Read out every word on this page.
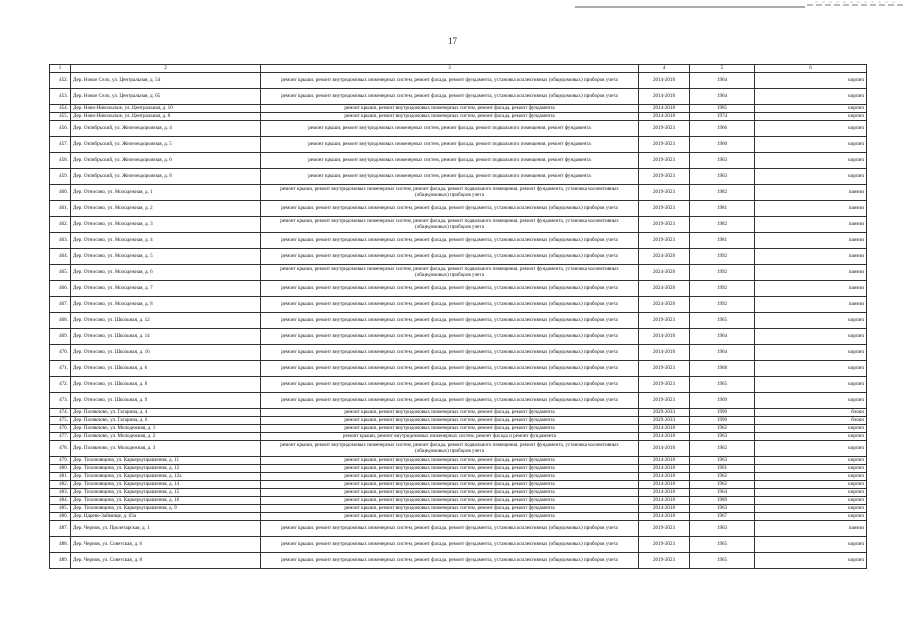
17
1	2	3	4	5	6
452.	Дер. Новое Село, ул. Центральная, д. 54	ремонт крыши, ремонт внутридомовых инженерных систем, ремонт фасада, ремонт фундамента, установка коллективных (общедомовых) приборов учета	2014-2018	1964	кирпич
453.	Дер. Новое Село, ул. Центральная, д. 65	ремонт крыши, ремонт внутридомовых инженерных систем, ремонт фасада, ремонт фундамента, установка коллективных (общедомовых) приборов учета	2014-2018	1964	кирпич
454.	Дер. Ново-Никольское, ул. Центральная, д. 10	ремонт крыши, ремонт внутридомовых инженерных систем, ремонт фасада, ремонт фундамента	2014-2018	1985	кирпич
455.	Дер. Ново-Никольское, ул. Центральная, д. 8	ремонт крыши, ремонт внутридомовых инженерных систем, ремонт фасада, ремонт фундамента	2014-2018	1974	кирпич
456.	Дер. Октябрьский, ул. Железнодорожная, д. 4	ремонт крыши, ремонт внутридомовых инженерных систем, ремонт фасада, ремонт подвального помещения, ремонт фундамента	2019-2023	1966	кирпич
457.	Дер. Октябрьский, ул. Железнодорожная, д. 5	ремонт крыши, ремонт внутридомовых инженерных систем, ремонт фасада, ремонт подвального помещения, ремонт фундамента	2019-2023	1960	кирпич
458.	Дер. Октябрьский, ул. Железнодорожная, д. 6	ремонт крыши, ремонт внутридомовых инженерных систем, ремонт фасада, ремонт подвального помещения, ремонт фундамента	2019-2023	1963	кирпич
459.	Дер. Октябрьский, ул. Железнодорожная, д. 8	ремонт крыши, ремонт внутридомовых инженерных систем, ремонт фасада, ремонт подвального помещения, ремонт фундамента	2019-2023	1963	кирпич
460.	Дер. Относово, ул. Молодежная, д. 1	ремонт крыши, ремонт внутридомовых инженерных систем, ремонт фасада, ремонт подвального помещения, ремонт фундамента, установка коллективных (общедомовых) приборов учета	2019-2023	1982	панели
461.	Дер. Относово, ул. Молодежная, д. 2	ремонт крыши, ремонт внутридомовых инженерных систем, ремонт фасада, ремонт фундамента, установка коллективных (общедомовых) приборов учета	2019-2023	1981	панели
462.	Дер. Относово, ул. Молодежная, д. 3	ремонт крыши, ремонт внутридомовых инженерных систем, ремонт фасада, ремонт подвального помещения, ремонт фундамента, установка коллективных (общедомовых) приборов учета	2019-2023	1982	панели
463.	Дер. Относово, ул. Молодежная, д. 4	ремонт крыши, ремонт внутридомовых инженерных систем, ремонт фасада, ремонт фундамента, установка коллективных (общедомовых) приборов учета	2019-2023	1981	панели
464.	Дер. Относово, ул. Молодежная, д. 5	ремонт крыши, ремонт внутридомовых инженерных систем, ремонт фасада, ремонт фундамента, установка коллективных (общедомовых) приборов учета	2024-2028	1992	панели
465.	Дер. Относово, ул. Молодежная, д. 6	ремонт крыши, ремонт внутридомовых инженерных систем, ремонт фасада, ремонт подвального помещения, ремонт фундамента, установка коллективных (общедомовых) приборов учета	2024-2028	1992	панели
466.	Дер. Относово, ул. Молодежная, д. 7	ремонт крыши, ремонт внутридомовых инженерных систем, ремонт фасада, ремонт фундамента, установка коллективных (общедомовых) приборов учета	2024-2028	1992	панели
467.	Дер. Относово, ул. Молодежная, д. 8	ремонт крыши, ремонт внутридомовых инженерных систем, ремонт фасада, ремонт фундамента, установка коллективных (общедомовых) приборов учета	2024-2028	1992	панели
468.	Дер. Относово, ул. Школьная, д. 12	ремонт крыши, ремонт внутридомовых инженерных систем, ремонт фасада, ремонт фундамента, установка коллективных (общедомовых) приборов учета	2019-2023	1965	кирпич
469.	Дер. Относово, ул. Школьная, д. 14	ремонт крыши, ремонт внутридомовых инженерных систем, ремонт фасада, ремонт фундамента, установка коллективных (общедомовых) приборов учета	2014-2018	1964	кирпич
470.	Дер. Относово, ул. Школьная, д. 16	ремонт крыши, ремонт внутридомовых инженерных систем, ремонт фасада, ремонт фундамента, установка коллективных (общедомовых) приборов учета	2014-2018	1964	кирпич
471.	Дер. Относово, ул. Школьная, д. 6	ремонт крыши, ремонт внутридомовых инженерных систем, ремонт фасада, ремонт фундамента, установка коллективных (общедомовых) приборов учета	2019-2023	1968	кирпич
472.	Дер. Относово, ул. Школьная, д. 8	ремонт крыши, ремонт внутридомовых инженерных систем, ремонт фасада, ремонт фундамента, установка коллективных (общедомовых) приборов учета	2019-2023	1965	кирпич
473.	Дер. Относово, ул. Школьная, д. 9	ремонт крыши, ремонт внутридомовых инженерных систем, ремонт фасада, ремонт фундамента, установка коллективных (общедомовых) приборов учета	2019-2023	1969	кирпич
474.	Дер. Полякново, ул. Гагарина, д. 4	ремонт крыши, ремонт внутридомовых инженерных систем, ремонт фасада, ремонт фундамента	2029-2033	1990	блоки
475.	Дер. Полякново, ул. Гагарина, д. 6	ремонт крыши, ремонт внутридомовых инженерных систем, ремонт фасада, ремонт фундамента	2029-2033	1990	блоки
476.	Дер. Полякново, ул. Молодежная, д. 1	ремонт крыши, ремонт внутридомовых инженерных систем, ремонт фасада, ремонт фундамента	2014-2018	1962	кирпич
477.	Дер. Полякново, ул. Молодежная, д. 2	ремонт крыши, ремонт внутридомовых инженерных систем, ремонт фасада и ремонт фундамента	2014-2018	1963	кирпич
478.	Дер. Полякново, ул. Молодежная, д. 3	ремонт крыши, ремонт внутридомовых инженерных систем, ремонт фасада, ремонт подвального помещения, ремонт фундамента, установка коллективных (общедомовых) приборов учета	2014-2018	1962	кирпич
479.	Дер. Тихоновщина, ул. Карьероуправления, д. 11	ремонт крыши, ремонт внутридомовых инженерных систем, ремонт фасада, ремонт фундамента	2014-2018	1963	кирпич
480.	Дер. Тихоновщина, ул. Карьероуправления, д. 12	ремонт крыши, ремонт внутридомовых инженерных систем, ремонт фасада, ремонт фундамента	2014-2018	1961	кирпич
481.	Дер. Тихоновщина, ул. Карьероуправления, д. 12а	ремонт крыши, ремонт внутридомовых инженерных систем, ремонт фасада, ремонт фундамента	2014-2018	1962	кирпич
482.	Дер. Тихоновщина, ул. Карьероуправления, д. 14	ремонт крыши, ремонт внутридомовых инженерных систем, ремонт фасада, ремонт фундамента	2014-2018	1962	кирпич
483.	Дер. Тихоновщина, ул. Карьероуправления, д. 15	ремонт крыши, ремонт внутридомовых инженерных систем, ремонт фасада, ремонт фундамента	2014-2018	1964	кирпич
484.	Дер. Тихоновщина, ул. Карьероуправления, д. 16	ремонт крыши, ремонт внутридомовых инженерных систем, ремонт фасада, ремонт фундамента	2014-2018	1989	кирпич
485.	Дер. Тихоновщина, ул. Карьероуправления, д. 9	ремонт крыши, ремонт внутридомовых инженерных систем, ремонт фасада, ремонт фундамента	2014-2018	1963	кирпич
486.	Дер. Царево-Займище, д. 63а	ремонт крыши, ремонт внутридомовых инженерных систем, ремонт фасада, ремонт фундамента	2014-2018	1967	кирпич
487.	Дер. Чернов, ул. Пролетарская, д. 1	ремонт крыши, ремонт внутридомовых инженерных систем, ремонт фасада, ремонт фундамента, установка коллективных (общедомовых) приборов учета	2019-2023	1963	панели
488.	Дер. Чернов, ул. Советская, д. 6	ремонт крыши, ремонт внутридомовых инженерных систем, ремонт фасада, ремонт фундамента, установка коллективных (общедомовых) приборов учета	2019-2023	1965	кирпич
489.	Дер. Чернов, ул. Советская, д. 8	ремонт крыши, ремонт внутридомовых инженерных систем, ремонт фасада, ремонт фундамента, установка коллективных (общедомовых) приборов учета	2019-2023	1965	кирпич
